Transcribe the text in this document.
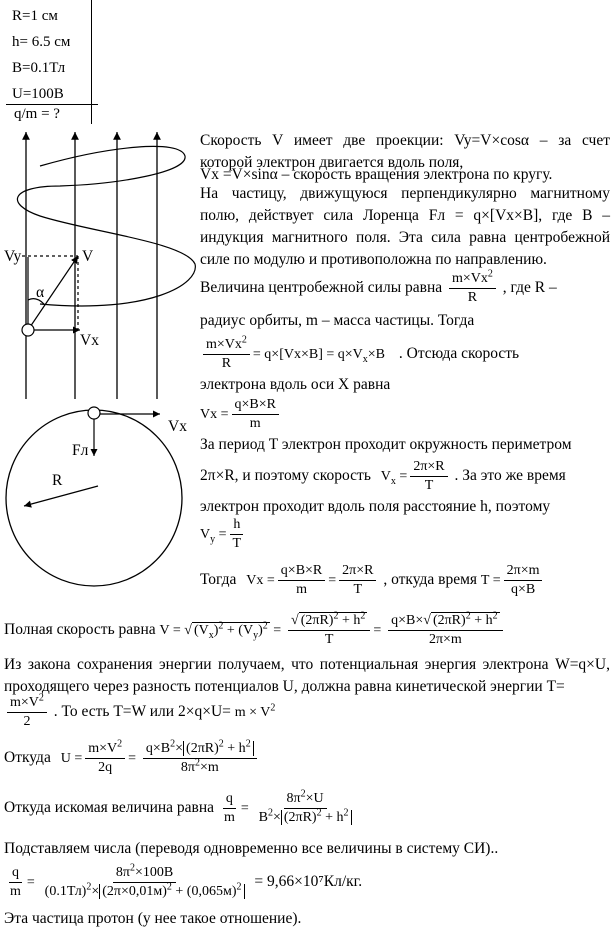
R=1 см
h= 6.5 см
B=0.1Тл
U=100В
q/m = ?
Vy	V
α
Vx
Vx
Fл
R
Скорость V имеет две проекции: Vy=V×cosα – за счет которой электрон двигается вдоль поля,
Vx =V×sinα – скорость вращения электрона по кругу.
На частицу, движущуюся перпендикулярно магнитному полю, действует сила Лоренца Fл = q×[Vx×B], где B – индукция магнитного поля. Эта сила равна центробежной силе по модулю и противоположна по направлению.
Величина центробежной силы равна $\frac{m\times Vx^2}{R}$ , где R –
радиус орбиты, m – масса частицы. Тогда
$\frac{m\times Vx^2}{R} = q\times[Vx\times B] = q\times V_x\times B$ . Отсюда скорость
электрона вдоль оси X равна
$Vx = \frac{q\times B\times R}{m}$
За период T электрон проходит окружность периметром
2π×R, и поэтому скорость $V_x = \frac{2\pi\times R}{T}$ . За это же время
электрон проходит вдоль поля расстояние h, поэтому
$V_y = \frac{h}{T}$
Тогда $Vx = \frac{q\times B\times R}{m} = \frac{2\pi\times R}{T}$ , откуда время $T = \frac{2\pi\times m}{q\times B}$
Полная скорость равна V = √ $(V_x)^2 + (V_y)^2 = \frac{√ (2\pi R)^2 + h^2}{T} = \frac{q\times B\times√ (2\pi R)^2 + h^2}{2\pi\times m}$
Из закона сохранения энергии получаем, что потенциальная энергия электрона W=q×U, проходящего через разность потенциалов U, должна равна кинетической энергии T=
$\frac{m\times V^2}{2}$ . То есть T=W или $2\times q\times U= m \times V^2$
Откуда $U = \frac{m\times V^2}{2q} = \frac{q\times B^2\times (2\pi R)^2 + h^2}{8\pi^2\times m}$
Откуда искомая величина равна $\frac{q}{m} = \frac{8\pi^2\times U}{B^2\times (2\pi R)^2 + h^2}$
Подставляем числа (переводя одновременно все величины в систему СИ)..
$\frac{q}{m} = \frac{8\pi^2\times 100В}{(0.1Тл)^2\times (2\pi\times 0,01м)^2 + (0,065м)^2} = 9,66\times 10^7Кл/кг$.
Эта частица протон (у нее такое отношение).
